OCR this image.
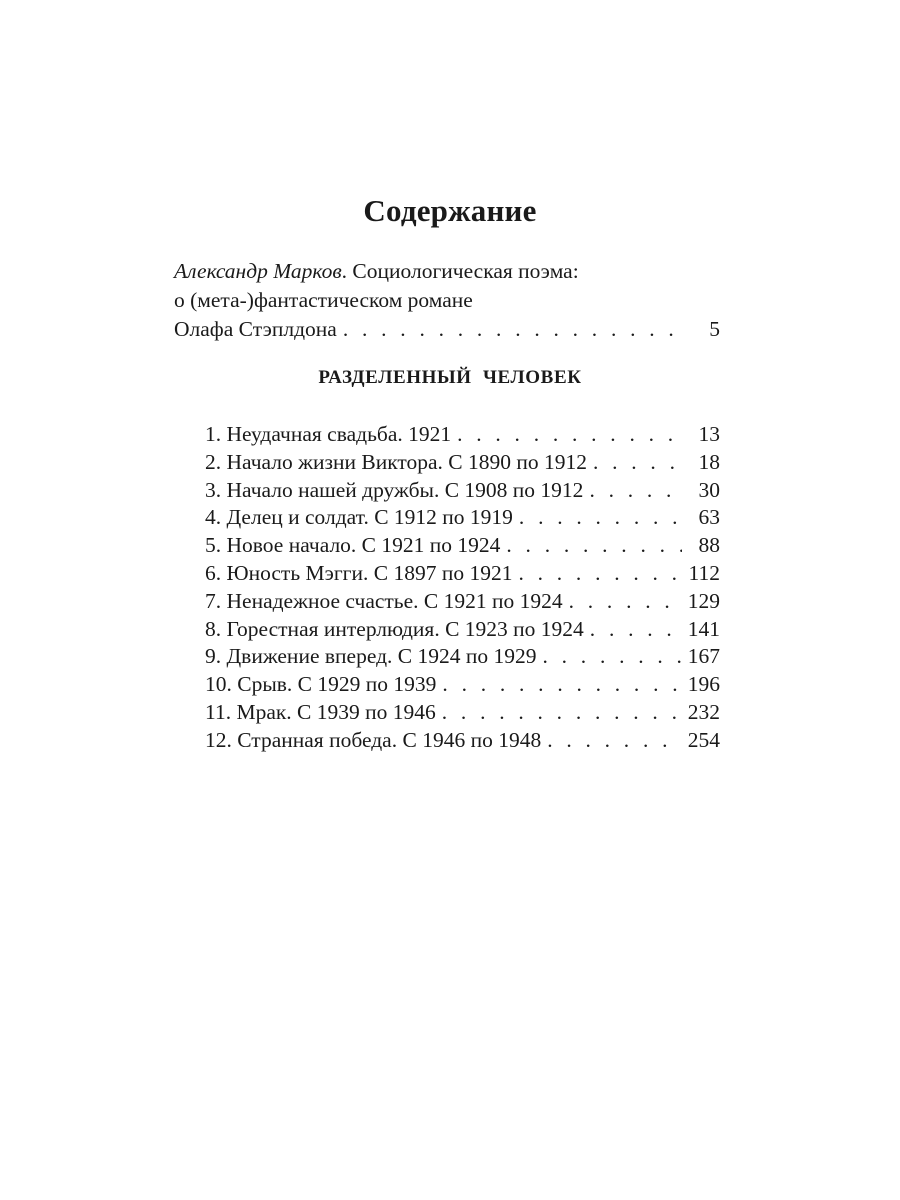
Содержание
Александр Марков. Социологическая поэма:
о (мета-)фантастическом романе
Олафа Стэплдона . . .	5
РАЗДЕЛЕННЫЙ ЧЕЛОВЕК
1. Неудачная свадьба. 1921 . . .	13
2. Начало жизни Виктора. С 1890 по 1912 . . .	18
3. Начало нашей дружбы. С 1908 по 1912 . . .	30
4. Делец и солдат. С 1912 по 1919 . . .	63
5. Новое начало. С 1921 по 1924 . . .	88
6. Юность Мэгги. С 1897 по 1921 . . .	112
7. Ненадежное счастье. С 1921 по 1924 . . .	129
8. Горестная интерлюдия. С 1923 по 1924 . . .	141
9. Движение вперед. С 1924 по 1929 . . .	167
10. Срыв. С 1929 по 1939 . . .	196
11. Мрак. С 1939 по 1946 . . .	232
12. Странная победа. С 1946 по 1948 . . .	254
